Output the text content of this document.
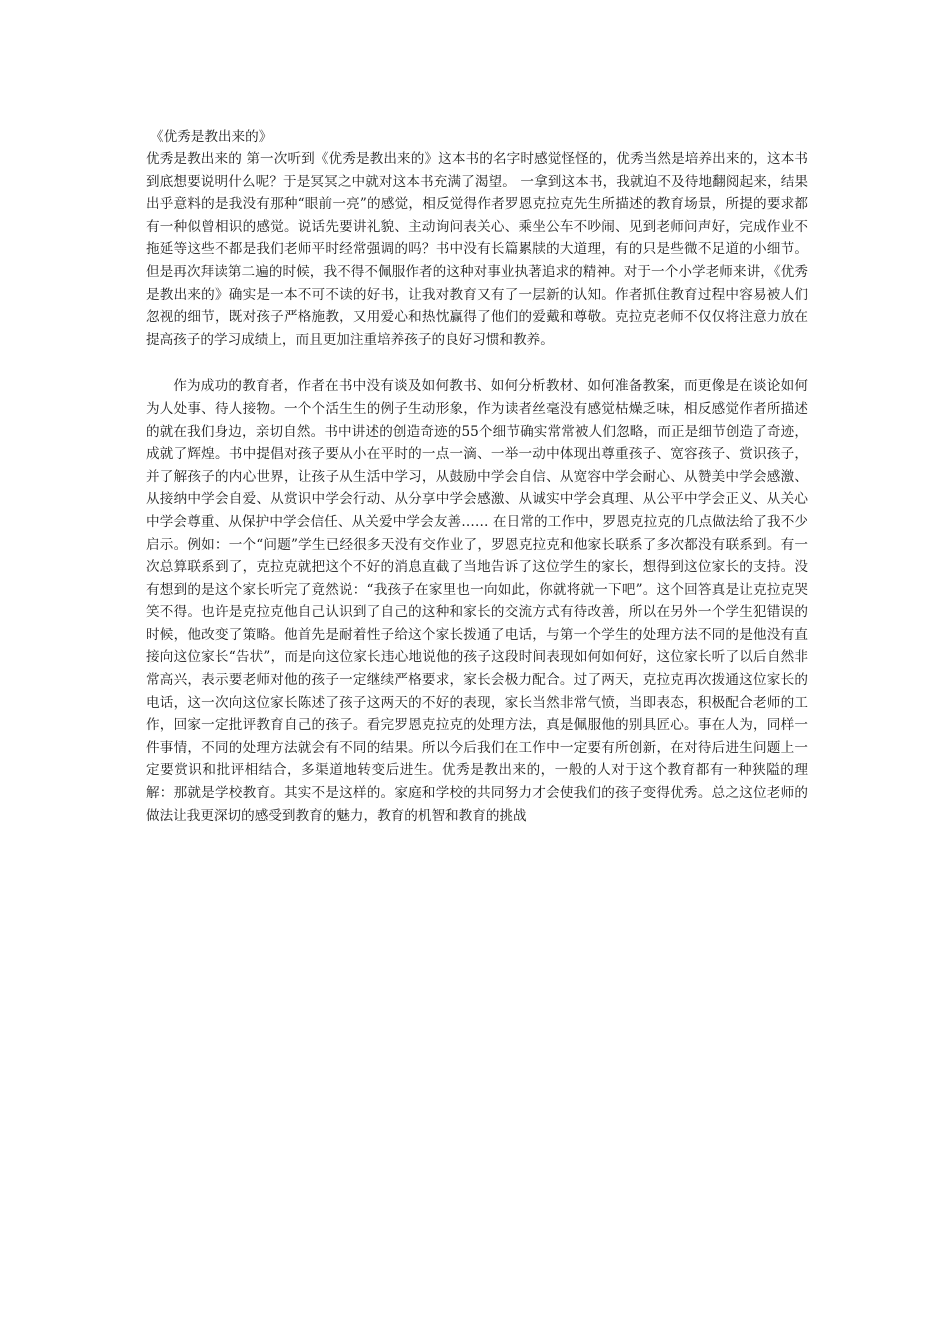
《优秀是教出来的》

优秀是教出来的 第一次听到《优秀是教出来的》这本书的名字时感觉怪怪的，优秀当然是培养出来的，这本书到底想要说明什么呢？于是冥冥之中就对这本书充满了渴望。 一拿到这本书，我就迫不及待地翻阅起来，结果出乎意料的是我没有那种“眼前一亮”的感觉，相反觉得作者罗恩克拉克先生所描述的教育场景，所提的要求都有一种似曾相识的感觉。说话先要讲礼貌、主动询问表关心、乘坐公车不吵闹、见到老师问声好，完成作业不拖延等这些不都是我们老师平时经常强调的吗？书中没有长篇累牍的大道理，有的只是些微不足道的小细节。但是再次拜读第二遍的时候，我不得不佩服作者的这种对事业执著追求的精神。对于一个小学老师来讲，《优秀是教出来的》确实是一本不可不读的好书，让我对教育又有了一层新的认知。作者抓住教育过程中容易被人们忽视的细节，既对孩子严格施教，又用爱心和热忱赢得了他们的爱戴和尊敬。克拉克老师不仅仅将注意力放在提高孩子的学习成绩上，而且更加注重培养孩子的良好习惯和教养。

作为成功的教育者，作者在书中没有谈及如何教书、如何分析教材、如何准备教案，而更像是在谈论如何为人处事、待人接物。一个个活生生的例子生动形象，作为读者丝毫没有感觉枯燥乏味，相反感觉作者所描述的就在我们身边，亲切自然。书中讲述的创造奇迹的55个细节确实常常被人们忽略，而正是细节创造了奇迹，成就了辉煌。书中提倡对孩子要从小在平时的一点一滴、一举一动中体现出尊重孩子、宽容孩子、赏识孩子，并了解孩子的内心世界，让孩子从生活中学习，从鼓励中学会自信、从宽容中学会耐心、从赞美中学会感激、从接纳中学会自爱、从赏识中学会行动、从分享中学会感激、从诚实中学会真理、从公平中学会正义、从关心中学会尊重、从保护中学会信任、从关爱中学会友善…… 在日常的工作中，罗恩克拉克的几点做法给了我不少启示。例如：一个“问题”学生已经很多天没有交作业了，罗恩克拉克和他家长联系了多次都没有联系到。有一次总算联系到了，克拉克就把这个不好的消息直截了当地告诉了这位学生的家长，想得到这位家长的支持。没有想到的是这个家长听完了竟然说：“我孩子在家里也一向如此，你就将就一下吧”。这个回答真是让克拉克哭笑不得。也许是克拉克他自己认识到了自己的这种和家长的交流方式有待改善，所以在另外一个学生犯错误的时候，他改变了策略。他首先是耐着性子给这个家长拨通了电话，与第一个学生的处理方法不同的是他没有直接向这位家长“告状”，而是向这位家长违心地说他的孩子这段时间表现如何如何好，这位家长听了以后自然非常高兴，表示要老师对他的孩子一定继续严格要求，家长会极力配合。过了两天，克拉克再次拨通这位家长的电话，这一次向这位家长陈述了孩子这两天的不好的表现，家长当然非常气愤，当即表态，积极配合老师的工作，回家一定批评教育自己的孩子。看完罗恩克拉克的处理方法，真是佩服他的别具匠心。事在人为，同样一件事情，不同的处理方法就会有不同的结果。所以今后我们在工作中一定要有所创新，在对待后进生问题上一定要赏识和批评相结合，多渠道地转变后进生。优秀是教出来的，一般的人对于这个教育都有一种狭隘的理解：那就是学校教育。其实不是这样的。家庭和学校的共同努力才会使我们的孩子变得优秀。总之这位老师的做法让我更深切的感受到教育的魅力，教育的机智和教育的挑战
